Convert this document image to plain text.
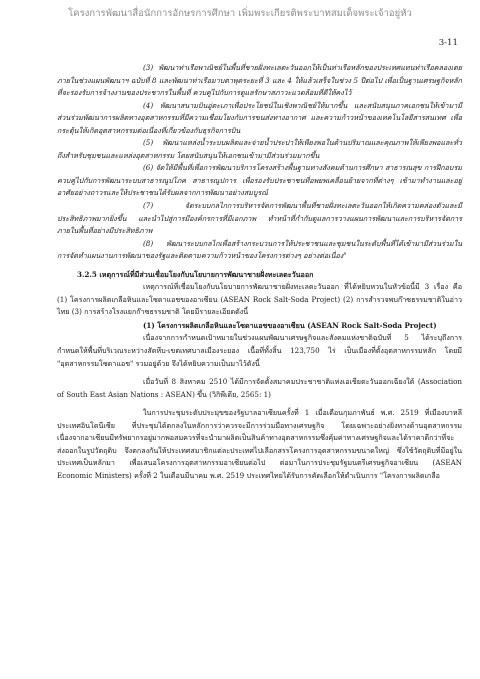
โครงการพัฒนาสื่อนักการอักษรการศึกษา เพิ่มพระเกียรติพระบาทสมเด็จพระเจ้าอยู่หัว
3-11

(3) พัฒนาท่าเรือพาณิชย์ในพื้นที่ชายฝั่งทะเลตะวันออกให้เป็นท่าเรือหลักของประเทศแทนท่าเรือคลองเตยภายในช่วงแผนพัฒนาฯ ฉบับที่ 8 และพัฒนาท่าเรือมาบตาพุดระยะที่ 3 และ 4 ให้แล้วเสร็จในช่วง 5 ปีต่อไป เพื่อเป็นฐานเศรษฐกิจหลักที่จะรองรับการจ้างงานของประชากรในพื้นที่ ควบคู่ไปกับการดูแลรักษาสภาวะแวดล้อมที่ดีให้คงไว้

(4) พัฒนาสนามบินอู่ตะเภาเพื่อประโยชน์ในเชิงพาณิชย์ให้มากขึ้น และสนับสนุนภาคเอกชนให้เข้ามามีส่วนร่วมพัฒนาการผลิตทางอุตสาหกรรมที่มีความเชื่อมโยงกับการขนส่งทางอากาศ และความก้าวหน้าของเทคโนโลยีสารสนเทศ เพื่อกระตุ้นให้เกิดอุตสาหกรรมต่อเนื่องที่เกี่ยวข้องกับธุรกิจการบิน

(5) พัฒนาแหล่งน้ำระบบผลิตและจ่ายน้ำประปาให้เพียงพอในด้านปริมาณและคุณภาพให้เพียงพอและทั่วถึงสำหรับชุมชนและแหล่งอุตสาหกรรม โดยสนับสนุนให้เอกชนเข้ามามีส่วนร่วมมากขึ้น

(6) จัดให้มีพื้นที่เพื่อการพัฒนาบริการโครงสร้างพื้นฐานทางสังคมด้านการศึกษา สาธารณสุข การฝึกอบรมควบคู่ไปกับการพัฒนาระบบสาธารณูปโภค สาธารณูปการ เพื่อรองรับประชาชนที่อพยพเคลื่อนย้ายจากที่ต่างๆ เข้ามาทำงานและอยู่อาศัยอย่างถาวรและให้ประชาชนได้รับผลจากการพัฒนาอย่างสมบูรณ์

(7) จัดระบบกลไกการบริหารจัดการพัฒนาพื้นที่ชายฝั่งทะเลตะวันออกให้เกิดความคล่องตัวและมีประสิทธิภาพมากยิ่งขึ้น และนำไปสู่การมีองค์กรการที่มีเอกภาพ ทำหน้าที่กำกับดูแลการวางแผนการพัฒนาและการบริหารจัดการภายในพื้นที่อย่างมีประสิทธิภาพ

(8) พัฒนาระบบกลไกเพื่อสร้างกระบวนการให้ประชาชนและชุมชนในระดับพื้นที่ได้เข้ามามีส่วนร่วมในการจัดทำแผนงานการพัฒนาของรัฐและติดตามความก้าวหน้าของโครงการต่างๆ อย่างต่อเนื่อง"

3.2.5 เหตุการณ์ที่มีส่วนเชื่อมโยงกับนโยบายการพัฒนาชายฝั่งทะเลตะวันออก

เหตุการณ์ที่เชื่อมโยงกับนโยบายการพัฒนาชายฝั่งทะเลตะวันออก ที่ได้หยิบหวนในหัวข้อนี้มี 3 เรื่อง คือ (1) โครงการผลิตเกลือหินและโซดาแอชของอาเซียน (ASEAN Rock Salt-Soda Project) (2) การสำรวจพบก๊าซธรรมชาติในอ่าวไทย (3) การสร้างโรงแยกก๊าซธรรมชาติ โดยมีรายละเอียดดังนี้

(1) โครงการผลิตเกลือหินและโซดาแอชของอาเซียน (ASEAN Rock Salt-Soda Project)

เนื่องจากการกำหนดเป้าหมายในช่วงแผนพัฒนาเศรษฐกิจและสังคมแห่งชาติฉบับที่ 5 ได้ระบุถึงการกำหนดให้พื้นที่บริเวณระหว่างสัตหีบ-เขตเทศบาลเมืองระยอง เนื้อที่ทั้งสิ้น 123,750 ไร่ เป็นเมืองที่ตั้งอุตสาหกรรมหลัก โดยมี "อุตสาหกรรมโซดาแอช" รวมอยู่ด้วย จึงได้หยิบความเป็นมาไว้ดังนี้

เมื่อวันที่ 8 สิงหาคม 2510 ได้มีการจัดตั้งสมาคมประชาชาติแห่งเอเชียตะวันออกเฉียงใต้ (Association of South East Asian Nations : ASEAN) ขึ้น (วิกิพีเดีย, 2565: 1)

ในการประชุมระดับประมุขของรัฐบาลอาเซียนครั้งที่ 1 เมื่อเดือนกุมภาพันธ์ พ.ศ. 2519 ที่เมืองบาหลี ประเทศอินโดนีเซีย ที่ประชุมได้ตกลงในหลักการว่าควรจะมีการร่วมมือทางเศรษฐกิจ โดยเฉพาะอย่างยิ่งทางด้านอุตสาหกรรม เนื่องจากอาเซียนมีทรัพยากรอยู่มากพอสมควรที่จะนำมาผลิตเป็นสินค้าทางอุตสาหกรรมซึ่งคุ้มค่าทางเศรษฐกิจและได้ราคาดีกว่าที่จะส่งออกในรูปวัตถุดิบ จึงตกลงกันให้ประเทศสมาชิกแต่ละประเทศไปเลือกสรรโครงการอุตสาหกรรมขนาดใหญ่ ซึ่งใช้วัตถุดิบที่มีอยู่ในประเทศเป็นหลักมา เพื่อเสนอโครงการอุตสาหกรรมอาเซียนต่อไป ต่อมาในการประชุมรัฐมนตรีเศรษฐกิจอาเซียน (ASEAN Economic Ministers) ครั้งที่ 2 ในเดือนมีนาคม พ.ศ. 2519 ประเทศไทยได้รับการคัดเลือกให้ดำเนินการ "โครงการผลิตเกลือ
